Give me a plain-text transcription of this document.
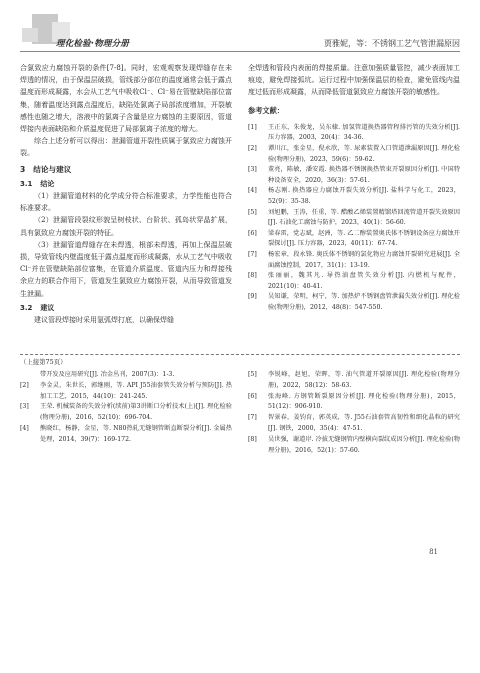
理化检验·物理分册	贾雅妮，等：不锈钢工艺气管泄漏原因

合氯致应力腐蚀开裂的条件[7-8]。同时，宏观观察发现焊缝存在未焊透的情况，由于保温层破损，管线部分部位的温度通常会低于露点温度而形成凝露，水会从工艺气中吸收Cl⁻、Cl⁻易在管壁缺陷部位富集，随着温度达到露点温度后，缺陷处氯离子局部浓度增加，开裂敏感性也随之增大，溶液中的氯离子含量是应力腐蚀的主要原因，管道焊接内表面缺陷和介质温度促进了局部氯离子浓度的增大。

综合上述分析可以得出：泄漏管道开裂性质属于氯致应力腐蚀开裂。

3 结论与建议
3.1 结论

（1）泄漏管道材料的化学成分符合标准要求，力学性能也符合标准要求。

（2）泄漏管段裂纹形貌呈树枝状、台阶状、孤岛状穿晶扩展，具有氯致应力腐蚀开裂的特征。

（3）泄漏管道焊缝存在未焊透，根部未焊透，再加上保温层破损，导致管线内壁温度低于露点温度而形成凝露，水从工艺气中吸收Cl⁻并在管壁缺陷部位富集，在管道介质温度、管道内压力和焊接残余应力的联合作用下，管道发生氯致应力腐蚀开裂，从而导致管道发生泄漏。

3.2 建议

建议管段焊接时采用氩弧焊打底，以确保焊缝

全焊透和管段内表面的焊接质量。注意加强质量管控，减少表面加工痕迹，避免焊接弧坑。运行过程中加强保温层的检查，避免管线内温度过低而形成凝露，从而降低管道氯致应力腐蚀开裂的敏感性。

参考文献：
[1]	王正东，朱俊龙，吴东棣. 加氢管道换热器管程排污管的失效分析[J]. 压力容器，2003，20(4)：34-36.
[2]	谭川江，张金星，倪永欣，等. 尿素装置入口管道泄漏原因[J]. 理化检验(物理分册)，2023，59(6)：59-62.
[3]	董亮，陈敏，潘安霞. 换热器不锈钢换热管束开裂原因分析[J]. 中国特种设备安全，2020，36(3)：57-61.
[4]	杨志刚. 换热器应力腐蚀开裂失效分析[J]. 盐科学与化工，2023，52(9)：35-38.
[5]	刘旭鹏，王涛，任重，等. 醋酸乙烯装置精馏塔回流管道开裂失效原因[J]. 石油化工腐蚀与防护，2023，40(1)：56-60.
[6]	梁春雷，党志斌，赵洲，等. 乙二醇装置奥氏体不锈钢设备应力腐蚀开裂探讨[J]. 压力容器，2023，40(11)：67-74.
[7]	杨宏章，段永锋. 奥氏体不锈钢的氯化物应力腐蚀开裂研究进展[J]. 全面腐蚀控制，2017，31(1)：13-19.
[8]	张丽丽，魏其凡. 导热油盘管失效分析[J]. 内燃机与配件，2021(10)：40-41.
[9]	吴知谦，荣明，柯宁，等. 加热炉不锈钢盘管泄漏失效分析[J]. 理化检验(物理分册)，2012，48(8)：547-550.
（上接第75页）
带开发及应用研究[J]. 冶金丛刊，2007(3)：1-3.
[2]	李金灵，朱世长，郭继刚，等. API J55油套管失效分析与预防[J]. 热加工工艺，2015，44(10)：241-245.
[3]	王荣. 机械装备的失效分析(续前)第3讲断口分析技术(上)[J]. 理化检验(物理分册)，2016，52(10)：696-704.
[4]	熊晓红，杨静，金星，等. N80热轧无缝钢管断直断裂分析[J]. 金属热处理，2014，39(7)：169-172.
[5]	李锐峰，赵旭，荣晖，等. 油气管道开裂原因[J]. 理化检验(物理分册)，2022，58(12)：58-63.
[6]	张海峰. 方钢管断裂原因分析[J]. 理化检验(物理分册)，2015，51(12)：906-910.
[7]	智景春，姜钧育，郭英成，等. J55石油套管高韧性和细化晶粒的研究[J]. 钢铁，2000，35(4)：47-51.
[8]	吴世强，谢道岸. 冷拔无缝钢管内壁横向裂纹成因分析[J]. 理化检验(物理分册)，2016，52(1)：57-60.
81
